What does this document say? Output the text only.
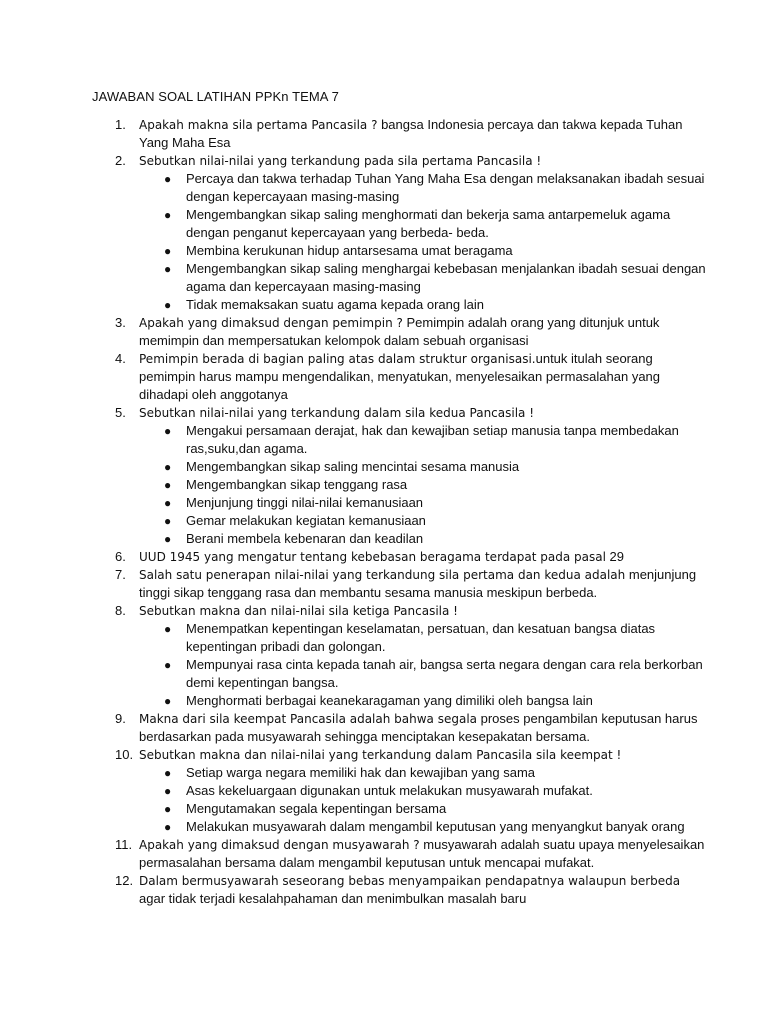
JAWABAN SOAL LATIHAN PPKn TEMA 7
1.	Apakah makna sila pertama Pancasila ? bangsa Indonesia percaya dan takwa kepada Tuhan Yang Maha Esa
2.	Sebutkan nilai-nilai yang terkandung pada sila pertama Pancasila !
● Percaya dan takwa terhadap Tuhan Yang Maha Esa dengan melaksanakan ibadah sesuai dengan kepercayaan masing-masing
● Mengembangkan sikap saling menghormati dan bekerja sama antarpemeluk agama dengan penganut kepercayaan yang berbeda- beda.
● Membina kerukunan hidup antarsesama umat beragama
● Mengembangkan sikap saling menghargai kebebasan menjalankan ibadah sesuai dengan agama dan kepercayaan masing-masing
● Tidak memaksakan suatu agama kepada orang lain
3.	Apakah yang dimaksud dengan pemimpin ? Pemimpin adalah orang yang ditunjuk untuk memimpin dan mempersatukan kelompok dalam sebuah organisasi
4.	Pemimpin berada di bagian paling atas dalam struktur organisasi.untuk itulah seorang pemimpin harus mampu mengendalikan, menyatukan, menyelesaikan permasalahan yang dihadapi oleh anggotanya
5.	Sebutkan nilai-nilai yang terkandung dalam sila kedua Pancasila !
● Mengakui persamaan derajat, hak dan kewajiban setiap manusia tanpa membedakan ras,suku,dan agama.
● Mengembangkan sikap saling mencintai sesama manusia
● Mengembangkan sikap tenggang rasa
● Menjunjung tinggi nilai-nilai kemanusiaan
● Gemar melakukan kegiatan kemanusiaan
● Berani membela kebenaran dan keadilan
6.	UUD 1945 yang mengatur tentang kebebasan beragama terdapat pada pasal 29
7.	Salah satu penerapan nilai-nilai yang terkandung sila pertama dan kedua adalah menjunjung tinggi sikap tenggang rasa dan membantu sesama manusia meskipun berbeda.
8.	Sebutkan makna dan nilai-nilai sila ketiga Pancasila !
● Menempatkan kepentingan keselamatan, persatuan, dan kesatuan bangsa diatas kepentingan pribadi dan golongan.
● Mempunyai rasa cinta kepada tanah air, bangsa serta negara dengan cara rela berkorban demi kepentingan bangsa.
● Menghormati berbagai keanekaragaman yang dimiliki oleh bangsa lain
9.	Makna dari sila keempat Pancasila adalah bahwa segala proses pengambilan keputusan harus berdasarkan pada musyawarah sehingga menciptakan kesepakatan bersama.
10. Sebutkan makna dan nilai-nilai yang terkandung dalam Pancasila sila keempat !
● Setiap warga negara memiliki hak dan kewajiban yang sama
● Asas kekeluargaan digunakan untuk melakukan musyawarah mufakat.
● Mengutamakan segala kepentingan bersama
● Melakukan musyawarah dalam mengambil keputusan yang menyangkut banyak orang
11. Apakah yang dimaksud dengan musyawarah ? musyawarah adalah suatu upaya menyelesaikan permasalahan bersama dalam mengambil keputusan untuk mencapai mufakat.
12. Dalam bermusyawarah seseorang bebas menyampaikan pendapatnya walaupun berbeda agar tidak terjadi kesalahpahaman dan menimbulkan masalah baru
